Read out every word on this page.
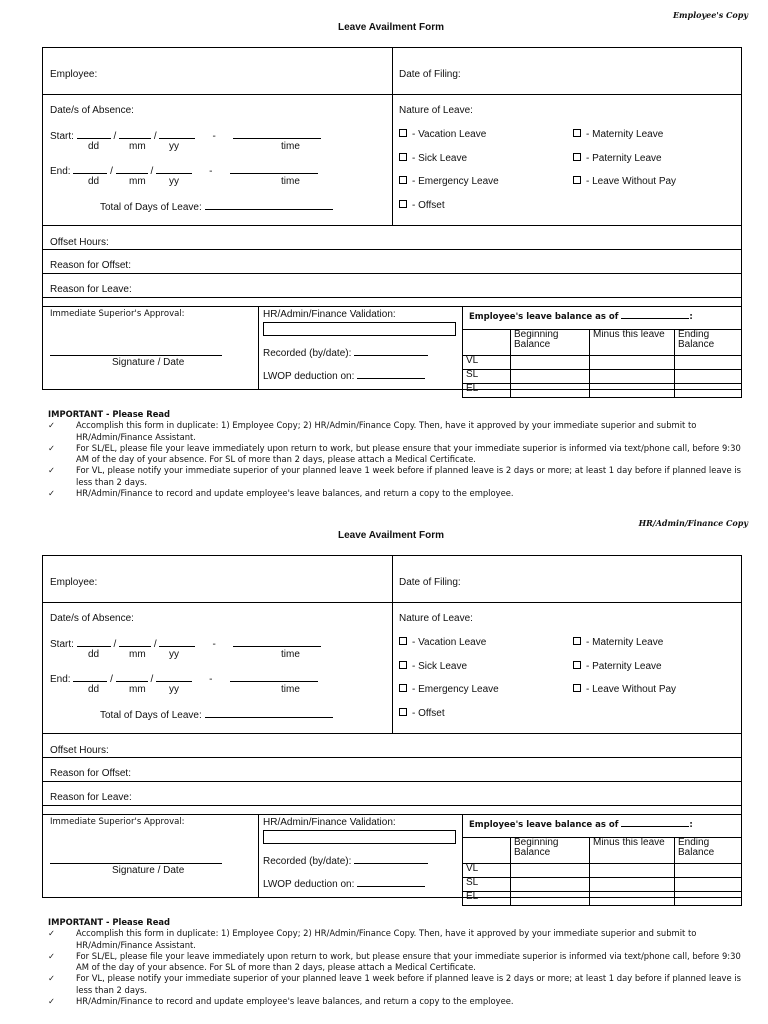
Employee's Copy
Leave Availment Form
Employee:	Date of Filing:
Date/s of Absence:
Start:	/	/	-
dd	mm yy	time
End:	/	/	-
dd	mm yy	time
Total of Days of Leave:
Nature of Leave:
- Vacation Leave
- Sick Leave
- Emergency Leave
- Offset
- Maternity Leave
- Paternity Leave
- Leave Without Pay
Offset Hours:
Reason for Offset:
Reason for Leave:
Immediate Superior's Approval:
Signature / Date
HR/Admin/Finance Validation:
Recorded (by/date):
LWOP deduction on:
Employee's leave balance as of	:
	Beginning Balance	Minus this leave	Ending Balance
VL			
SL			
EL			
IMPORTANT - Please Read
✓ Accomplish this form in duplicate: 1) Employee Copy; 2) HR/Admin/Finance Copy. Then, have it approved by your immediate superior and submit to HR/Admin/Finance Assistant.
✓ For SL/EL, please file your leave immediately upon return to work, but please ensure that your immediate superior is informed via text/phone call, before 9:30 AM of the day of your absence. For SL of more than 2 days, please attach a Medical Certificate.
✓ For VL, please notify your immediate superior of your planned leave 1 week before if planned leave is 2 days or more; at least 1 day before if planned leave is less than 2 days.
✓ HR/Admin/Finance to record and update employee's leave balances, and return a copy to the employee.
HR/Admin/Finance Copy
Leave Availment Form
Employee:	Date of Filing:
Date/s of Absence:
Start:	/	/	-
dd	mm yy	time
End:	/	/	-
dd	mm yy	time
Total of Days of Leave:
Nature of Leave:
- Vacation Leave
- Sick Leave
- Emergency Leave
- Offset
- Maternity Leave
- Paternity Leave
- Leave Without Pay
Offset Hours:
Reason for Offset:
Reason for Leave:
Immediate Superior's Approval:
Signature / Date
HR/Admin/Finance Validation:
Recorded (by/date):
LWOP deduction on:
Employee's leave balance as of	:
	Beginning Balance	Minus this leave	Ending Balance
VL			
SL			
EL			
IMPORTANT - Please Read
✓ Accomplish this form in duplicate: 1) Employee Copy; 2) HR/Admin/Finance Copy. Then, have it approved by your immediate superior and submit to HR/Admin/Finance Assistant.
✓ For SL/EL, please file your leave immediately upon return to work, but please ensure that your immediate superior is informed via text/phone call, before 9:30 AM of the day of your absence. For SL of more than 2 days, please attach a Medical Certificate.
✓ For VL, please notify your immediate superior of your planned leave 1 week before if planned leave is 2 days or more; at least 1 day before if planned leave is less than 2 days.
✓ HR/Admin/Finance to record and update employee's leave balances, and return a copy to the employee.
